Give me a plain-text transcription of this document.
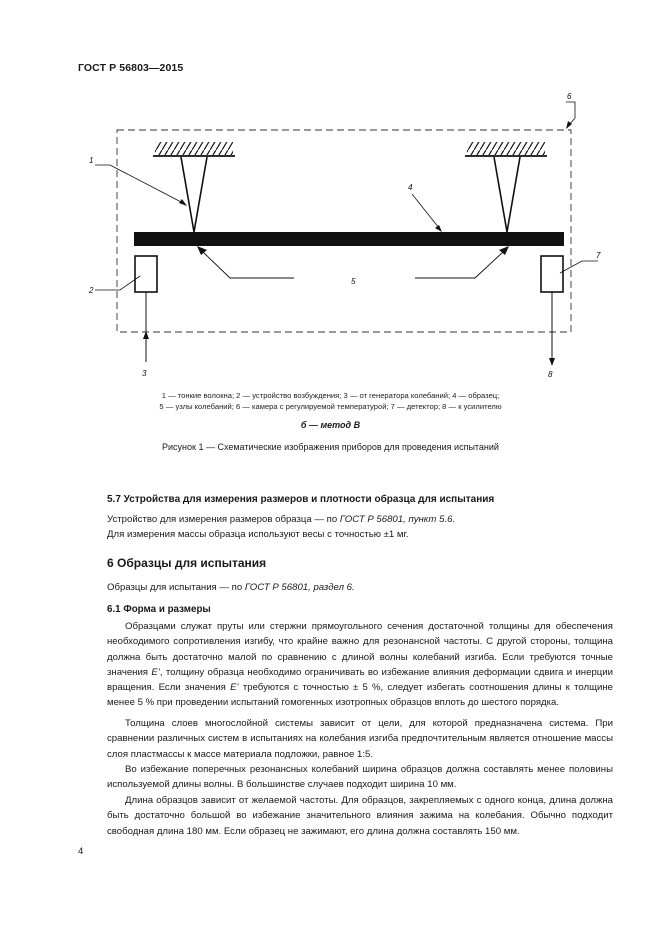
ГОСТ Р 56803—2015
1
2
3
4
5
6
7
8
1 — тонкие волокна; 2 — устройство возбуждения; 3 — от генератора колебаний; 4 — образец;
5 — узлы колебаний; 6 — камера с регулируемой температурой; 7 — детектор; 8 — к усилителю
б — метод В
Рисунок 1 — Схематические изображения приборов для проведения испытаний
5.7 Устройства для измерения размеров и плотности образца для испытания
Устройство для измерения размеров образца — по ГОСТ Р 56801, пункт 5.6.
Для измерения массы образца используют весы с точностью ±1 мг.
6 Образцы для испытания
Образцы для испытания — по ГОСТ Р 56801, раздел 6.
6.1 Форма и размеры

Образцами служат пруты или стержни прямоугольного сечения достаточной толщины для обеспечения необходимого сопротивления изгибу, что крайне важно для резонансной частоты. С другой стороны, толщина должна быть достаточно малой по сравнению с длиной волны колебаний изгиба. Если требуются точные значения E’, толщину образца необходимо ограничивать во избежание влияния деформации сдвига и инерции вращения. Если значения E’ требуются с точностью ± 5 %, следует избегать соотношения длины к толщине менее 5 % при проведении испытаний гомогенных изотропных образцов вплоть до шестого порядка.

Толщина слоев многослойной системы зависит от цели, для которой предназначена система. При сравнении различных систем в испытаниях на колебания изгиба предпочтительным является отношение массы слоя пластмассы к массе материала подложки, равное 1:5.

Во избежание поперечных резонансных колебаний ширина образцов должна составлять менее половины используемой длины волны. В большинстве случаев подходит ширина 10 мм.

Длина образцов зависит от желаемой частоты. Для образцов, закрепляемых с одного конца, длина должна быть достаточно большой во избежание значительного влияния зажима на колебания. Обычно подходит свободная длина 180 мм. Если образец не зажимают, его длина должна составлять 150 мм.

4
